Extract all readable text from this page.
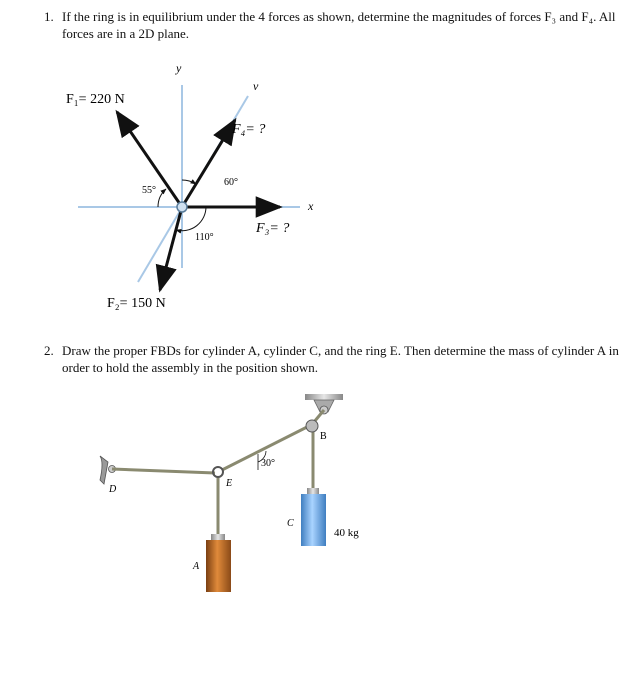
1. If the ring is in equilibrium under the 4 forces as shown, determine the magnitudes of forces F₃ and F₄. All forces are in a 2D plane.
y
v
x
F₁= 220 N
F₄= ?
F₃= ?
F₂= 150 N
55°
60°
110°
2. Draw the proper FBDs for cylinder A, cylinder C, and the ring E. Then determine the mass of cylinder A in order to hold the assembly in the position shown.
B
E
D
30°
A
C
40 kg
